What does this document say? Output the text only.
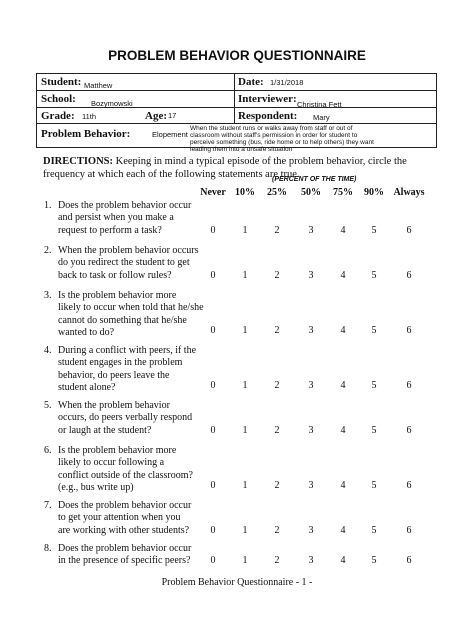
PROBLEM BEHAVIOR QUESTIONNAIRE
Student: Matthew	Date: 1/31/2018
School: Bozymowski	Interviewer: Christina Fett
Grade: 11th	Age: 17	Respondent: Mary
Problem Behavior:	Elopement
When the student runs or walks away from staff or out of
classroom without staff's permission in order for student to
perceive something (bus, ride home or to help others) they want
leading them into a unsafe situation
DIRECTIONS: Keeping in mind a typical episode of the problem behavior, circle the frequency at which each of the following statements are true.
(PERCENT OF THE TIME)
Never 10%	25%	50%	75%	90% Always
1. Does the problem behavior occur
and persist when you make a
request to perform a task?	0	1	2	3	4	5	6
2. When the problem behavior occurs
do you redirect the student to get
back to task or follow rules?	0	1	2	3	4	5	6
3. Is the problem behavior more
likely to occur when told that he/she
cannot do something that he/she
wanted to do?	0	1	2	3	4	5	6
4. During a conflict with peers, if the
student engages in the problem
behavior, do peers leave the
student alone?	0	1	2	3	4	5	6
5. When the problem behavior
occurs, do peers verbally respond
or laugh at the student?	0	1	2	3	4	5	6
6. Is the problem behavior more
likely to occur following a
conflict outside of the classroom?
(e.g., bus write up)	0	1	2	3	4	5	6
7. Does the problem behavior occur
to get your attention when you
are working with other students?	0	1	2	3	4	5	6
8. Does the problem behavior occur
in the presence of specific peers?	0	1	2	3	4	5	6
Problem Behavior Questionnaire - 1 -
